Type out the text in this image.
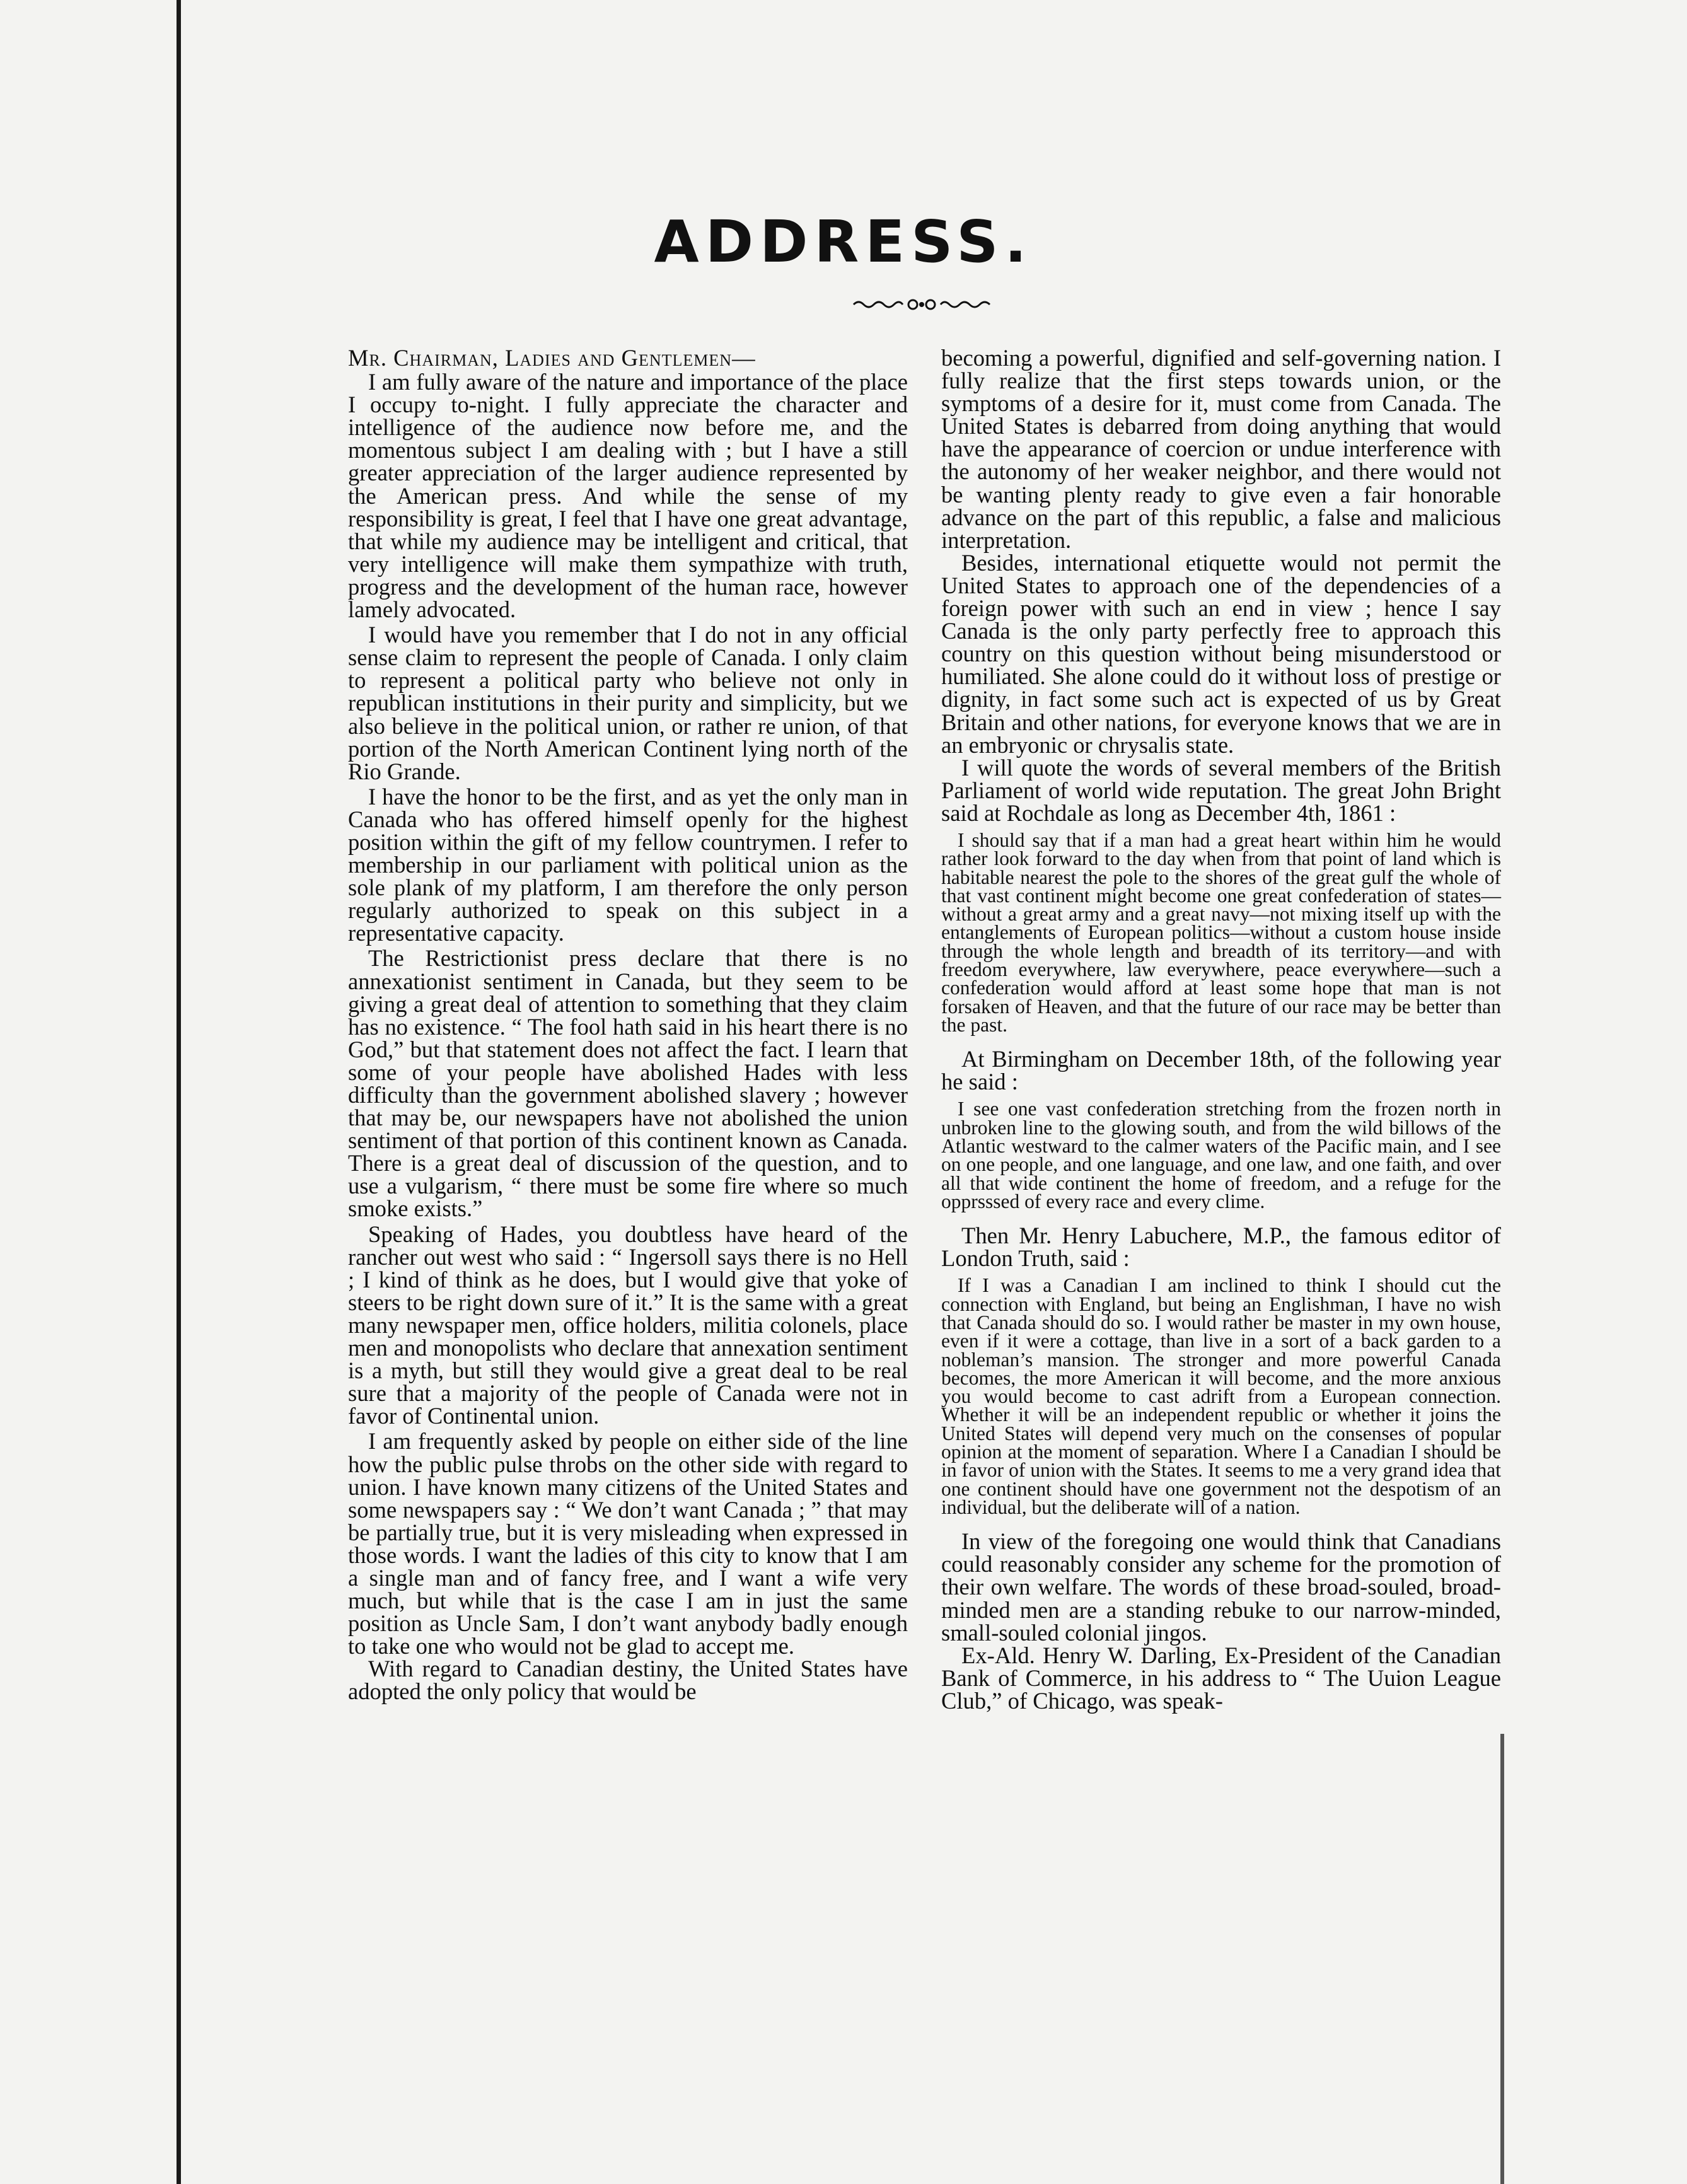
ADDRESS.

Mr. Chairman, Ladies and Gentlemen—

I am fully aware of the nature and importance of the place I occupy to-night. I fully appreciate the character and intelligence of the audience now before me, and the momentous subject I am dealing with ; but I have a still greater appreciation of the larger audience represented by the American press. And while the sense of my responsibility is great, I feel that I have one great advantage, that while my audience may be intelligent and critical, that very intelligence will make them sympathize with truth, progress and the development of the human race, however lamely advocated.

I would have you remember that I do not in any official sense claim to represent the people of Canada. I only claim to represent a political party who believe not only in republican institutions in their purity and simplicity, but we also believe in the political union, or rather re union, of that portion of the North American Continent lying north of the Rio Grande.

I have the honor to be the first, and as yet the only man in Canada who has offered himself openly for the highest position within the gift of my fellow countrymen. I refer to membership in our parliament with political union as the sole plank of my platform, I am therefore the only person regularly authorized to speak on this subject in a representative capacity.

The Restrictionist press declare that there is no annexationist sentiment in Canada, but they seem to be giving a great deal of attention to something that they claim has no existence. “ The fool hath said in his heart there is no God,” but that statement does not affect the fact. I learn that some of your people have abolished Hades with less difficulty than the government abolished slavery ; however that may be, our newspapers have not abolished the union sentiment of that portion of this continent known as Canada. There is a great deal of discussion of the question, and to use a vulgarism, “ there must be some fire where so much smoke exists.”

Speaking of Hades, you doubtless have heard of the rancher out west who said : “ Ingersoll says there is no Hell ; I kind of think as he does, but I would give that yoke of steers to be right down sure of it.” It is the same with a great many newspaper men, office holders, militia colonels, place men and monopolists who declare that annexation sentiment is a myth, but still they would give a great deal to be real sure that a majority of the people of Canada were not in favor of Continental union.

I am frequently asked by people on either side of the line how the public pulse throbs on the other side with regard to union. I have known many citizens of the United States and some newspapers say : “ We don’t want Canada ; ” that may be partially true, but it is very misleading when expressed in those words. I want the ladies of this city to know that I am a single man and of fancy free, and I want a wife very much, but while that is the case I am in just the same position as Uncle Sam, I don’t want anybody badly enough to take one who would not be glad to accept me.

With regard to Canadian destiny, the United States have adopted the only policy that would be

becoming a powerful, dignified and self-governing nation. I fully realize that the first steps towards union, or the symptoms of a desire for it, must come from Canada. The United States is debarred from doing anything that would have the appearance of coercion or undue interference with the autonomy of her weaker neighbor, and there would not be wanting plenty ready to give even a fair honorable advance on the part of this republic, a false and malicious interpretation.

Besides, international etiquette would not permit the United States to approach one of the dependencies of a foreign power with such an end in view ; hence I say Canada is the only party perfectly free to approach this country on this question without being misunderstood or humiliated. She alone could do it without loss of prestige or dignity, in fact some such act is expected of us by Great Britain and other nations, for everyone knows that we are in an embryonic or chrysalis state.

I will quote the words of several members of the British Parliament of world wide reputation. The great John Bright said at Rochdale as long as December 4th, 1861 :

I should say that if a man had a great heart within him he would rather look forward to the day when from that point of land which is habitable nearest the pole to the shores of the great gulf the whole of that vast continent might become one great confederation of states—without a great army and a great navy—not mixing itself up with the entanglements of European politics—without a custom house inside through the whole length and breadth of its territory—and with freedom everywhere, law everywhere, peace everywhere—such a confederation would afford at least some hope that man is not forsaken of Heaven, and that the future of our race may be better than the past.

At Birmingham on December 18th, of the following year he said :

I see one vast confederation stretching from the frozen north in unbroken line to the glowing south, and from the wild billows of the Atlantic westward to the calmer waters of the Pacific main, and I see on one people, and one language, and one law, and one faith, and over all that wide continent the home of freedom, and a refuge for the opprsssed of every race and every clime.

Then Mr. Henry Labuchere, M.P., the famous editor of London Truth, said :

If I was a Canadian I am inclined to think I should cut the connection with England, but being an Englishman, I have no wish that Canada should do so. I would rather be master in my own house, even if it were a cottage, than live in a sort of a back garden to a nobleman’s mansion. The stronger and more powerful Canada becomes, the more American it will become, and the more anxious you would become to cast adrift from a European connection. Whether it will be an independent republic or whether it joins the United States will depend very much on the consenses of popular opinion at the moment of separation. Where I a Canadian I should be in favor of union with the States. It seems to me a very grand idea that one continent should have one government not the despotism of an individual, but the deliberate will of a nation.

In view of the foregoing one would think that Canadians could reasonably consider any scheme for the promotion of their own welfare. The words of these broad-souled, broad-minded men are a standing rebuke to our narrow-minded, small-souled colonial jingos.

Ex-Ald. Henry W. Darling, Ex-President of the Canadian Bank of Commerce, in his address to “ The Uuion League Club,” of Chicago, was speak-
